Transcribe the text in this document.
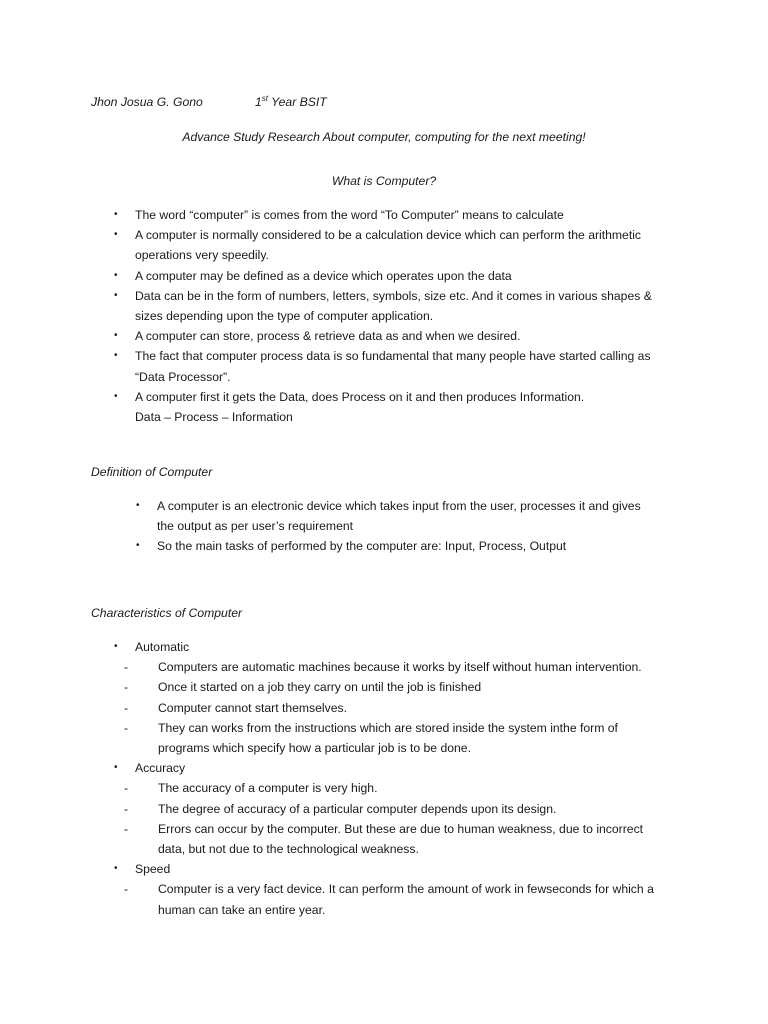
Jhon Josua G. Gono	1st Year BSIT
Advance Study Research About computer, computing for the next meeting!
What is Computer?
• The word “computer” is comes from the word “To Computer” means to calculate
• A computer is normally considered to be a calculation device which can perform the arithmetic
operations very speedily.
• A computer may be defined as a device which operates upon the data
• Data can be in the form of numbers, letters, symbols, size etc. And it comes in various shapes &
sizes depending upon the type of computer application.
• A computer can store, process & retrieve data as and when we desired.
• The fact that computer process data is so fundamental that many people have started calling as
“Data Processor”.
• A computer first it gets the Data, does Process on it and then produces Information.
Data – Process – Information
Definition of Computer
• A computer is an electronic device which takes input from the user, processes it and gives
the output as per user’s requirement
• So the main tasks of performed by the computer are: Input, Process, Output
Characteristics of Computer
• Automatic
- Computers are automatic machines because it works by itself without human intervention.
- Once it started on a job they carry on until the job is finished
- Computer cannot start themselves.
- They can works from the instructions which are stored inside the system inthe form of
programs which specify how a particular job is to be done.
• Accuracy
- The accuracy of a computer is very high.
- The degree of accuracy of a particular computer depends upon its design.
- Errors can occur by the computer. But these are due to human weakness, due to incorrect
data, but not due to the technological weakness.
• Speed
- Computer is a very fact device. It can perform the amount of work in fewseconds for which a
human can take an entire year.
